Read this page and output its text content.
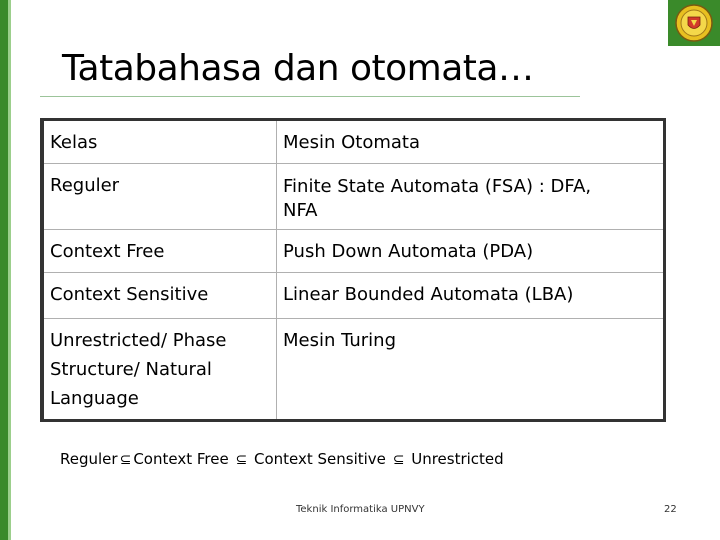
Tatabahasa dan otomata…
Kelas	Mesin Otomata
Reguler	Finite State Automata (FSA) : DFA, NFA

Context Free	Push Down Automata (PDA)
Context Sensitive	Linear Bounded Automata (LBA)

Unrestricted/ Phase Structure/ Natural Language	Mesin Turing
Reguler ⊆ Context Free ⊆ Context Sensitive ⊆ Unrestricted
Teknik Informatika UPNVY	22
